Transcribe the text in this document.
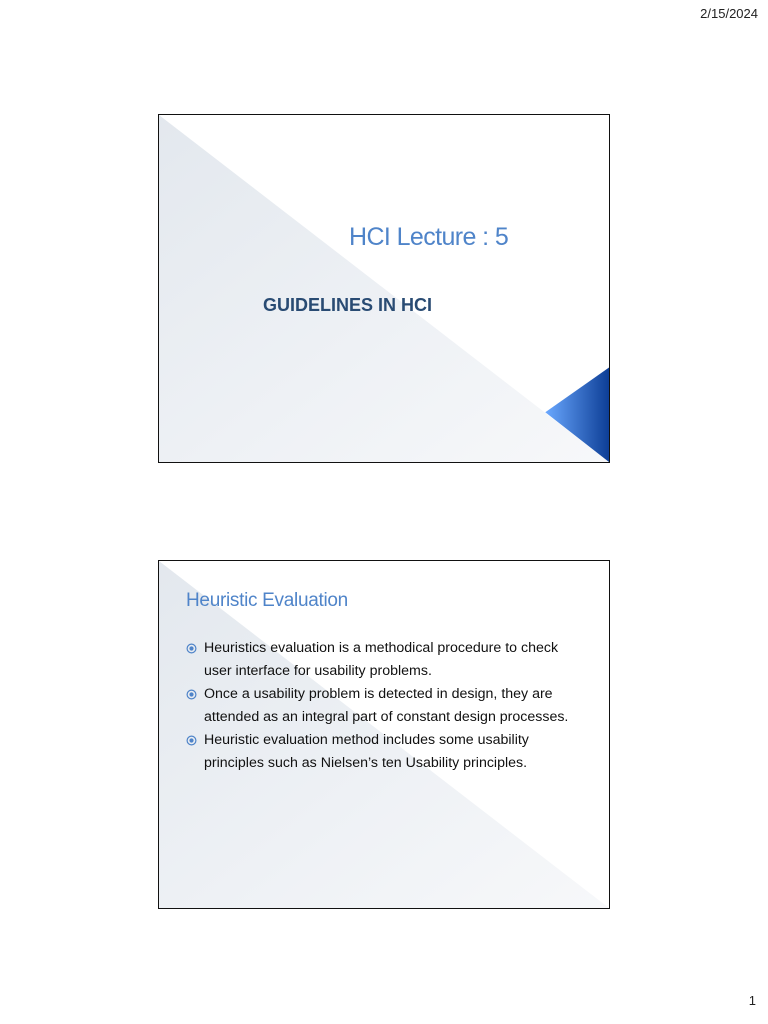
2/15/2024
HCI Lecture : 5
GUIDELINES IN HCI
Heuristic Evaluation
Heuristics evaluation is a methodical procedure to check user interface for usability problems.
Once a usability problem is detected in design, they are attended as an integral part of constant design processes.
Heuristic evaluation method includes some usability principles such as Nielsen’s ten Usability principles.
1
